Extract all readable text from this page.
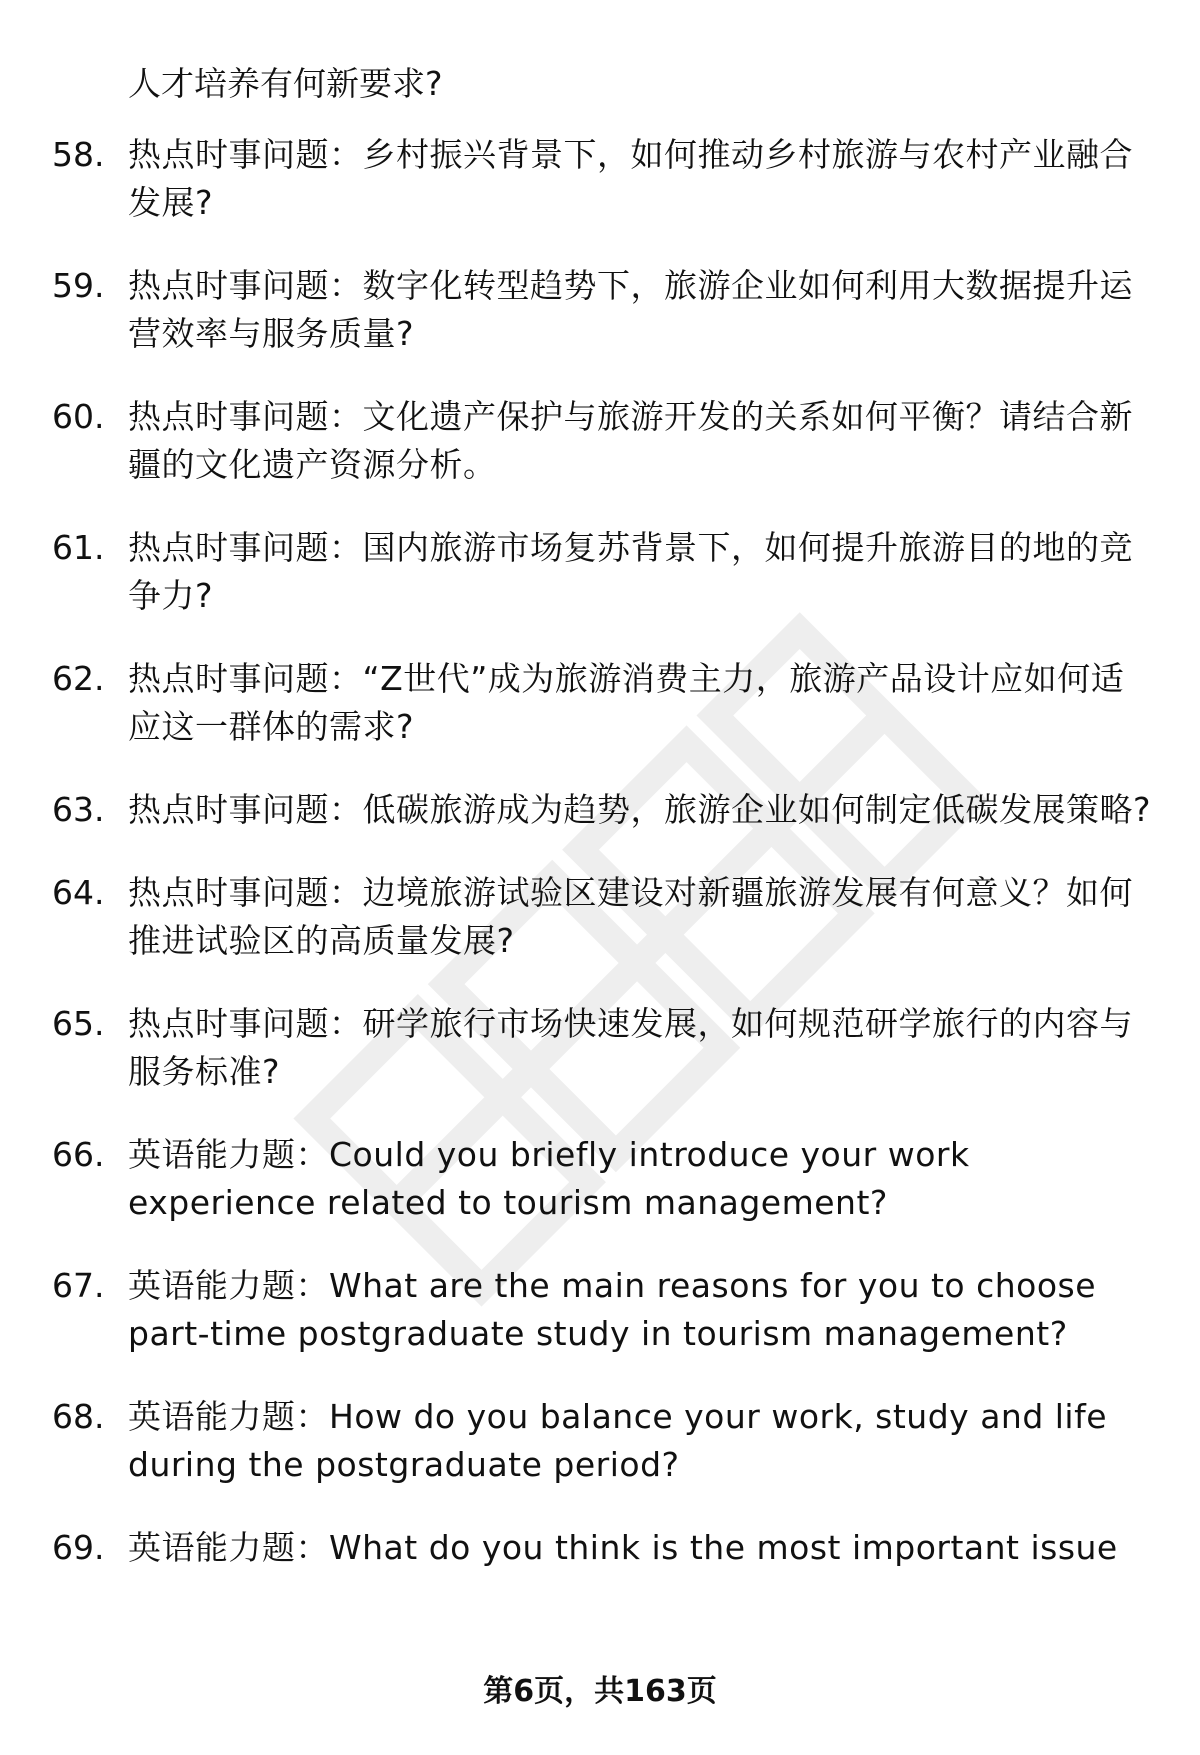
人才培养有何新要求?
58. 热点时事问题：乡村振兴背景下，如何推动乡村旅游与农村产业融合发展?
59. 热点时事问题：数字化转型趋势下，旅游企业如何利用大数据提升运营效率与服务质量?
60. 热点时事问题：文化遗产保护与旅游开发的关系如何平衡？请结合新疆的文化遗产资源分析。
61. 热点时事问题：国内旅游市场复苏背景下，如何提升旅游目的地的竞争力?
62. 热点时事问题：“Z世代”成为旅游消费主力，旅游产品设计应如何适应这一群体的需求?
63. 热点时事问题：低碳旅游成为趋势，旅游企业如何制定低碳发展策略?
64. 热点时事问题：边境旅游试验区建设对新疆旅游发展有何意义？如何推进试验区的高质量发展?
65. 热点时事问题：研学旅行市场快速发展，如何规范研学旅行的内容与服务标准?
66. 英语能力题：Could you briefly introduce your work experience related to tourism management?
67. 英语能力题：What are the main reasons for you to choose part-time postgraduate study in tourism management?
68. 英语能力题：How do you balance your work, study and life during the postgraduate period?
69. 英语能力题：What do you think is the most important issue
第6页，共163页
